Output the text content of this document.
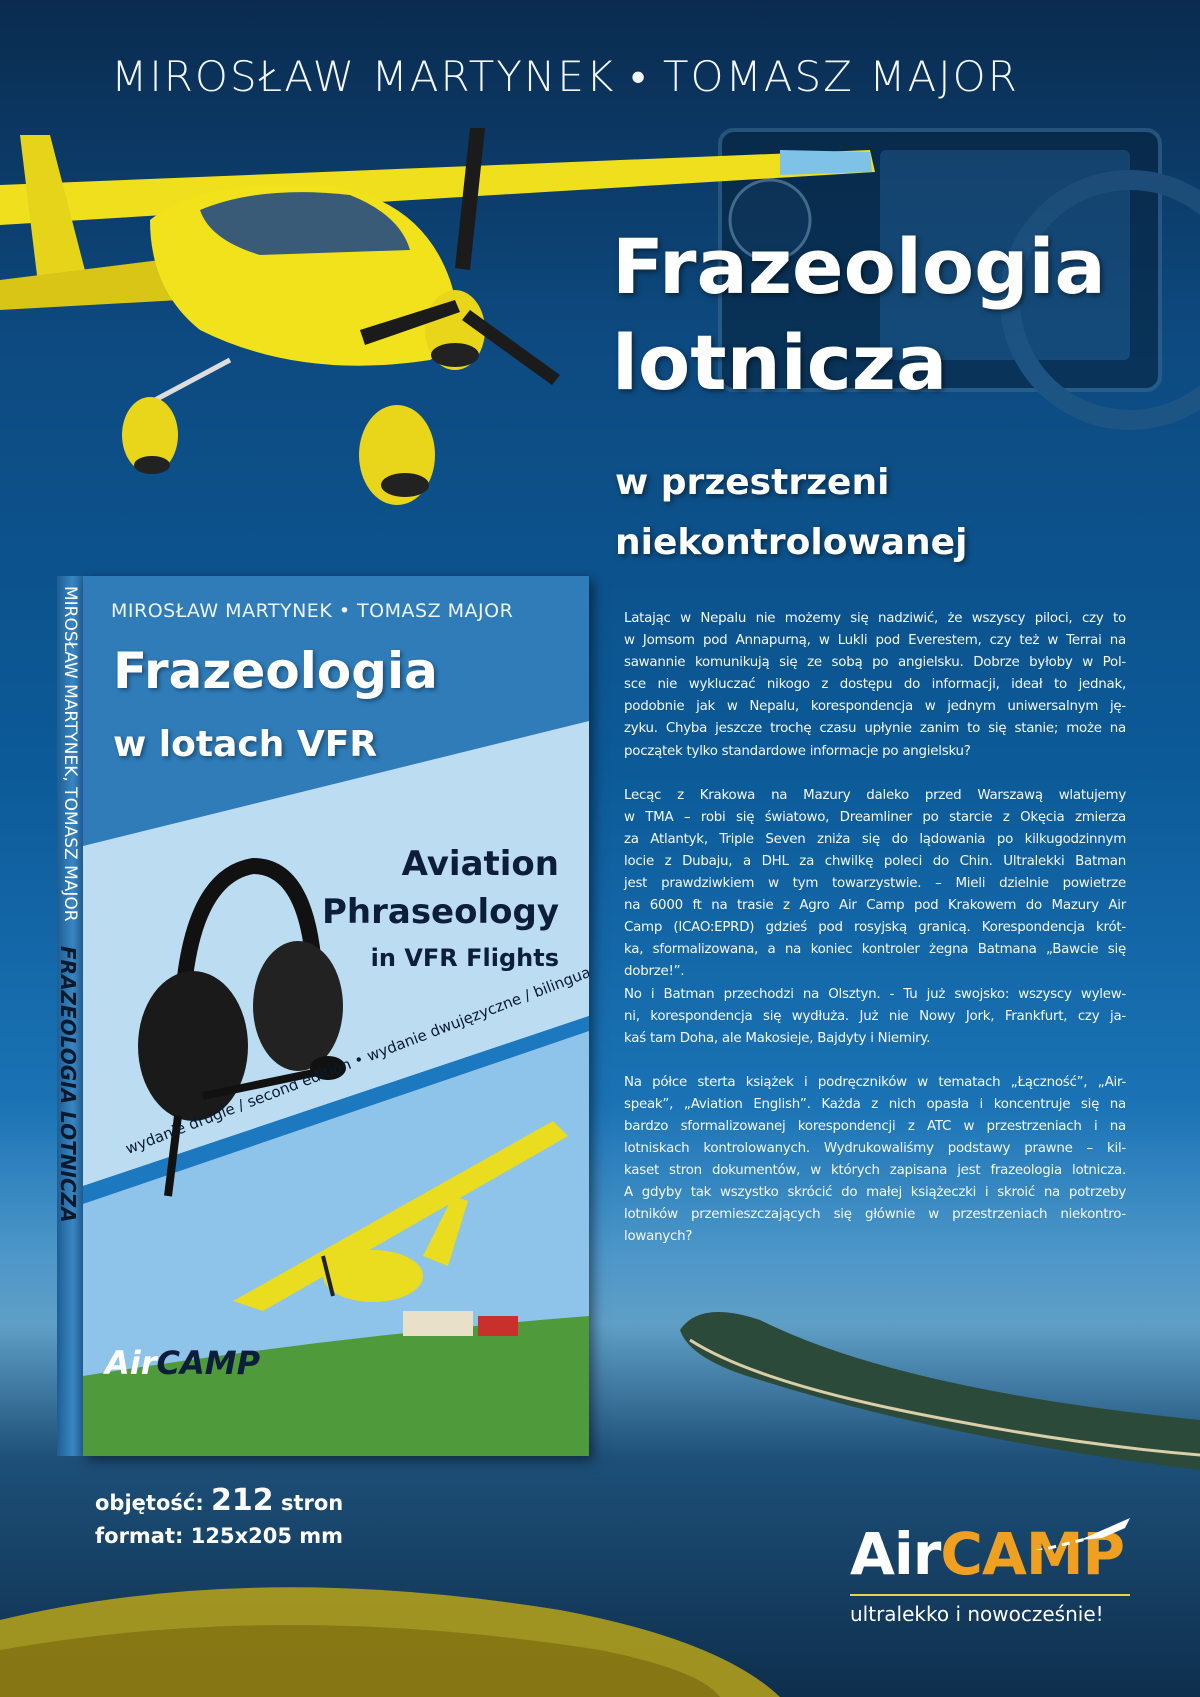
MIROSŁAW MARTYNEK • TOMASZ MAJOR
Frazeologia
lotnicza
w przestrzeni
niekontrolowanej
MIROSŁAW MARTYNEK, TOMASZ MAJOR
FRAZEOLOGIA LOTNICZA
MIROSŁAW MARTYNEK • TOMASZ MAJOR
Frazeologia
w lotach VFR
Aviation
Phraseology
in VFR Flights
AirCAMP
objętość: 212 stron
format: 125x205 mm
Latając w Nepalu nie możemy się nadziwić, że wszyscy piloci, czy to
w Jomsom pod Annapurną, w Lukli pod Everestem, czy też w Terrai na
sawannie komunikują się ze sobą po angielsku. Dobrze byłoby w Pol-
sce nie wykluczać nikogo z dostępu do informacji, ideał to jednak,
podobnie jak w Nepalu, korespondencja w jednym uniwersalnym ję-
zyku. Chyba jeszcze trochę czasu upłynie zanim to się stanie; może na
początek tylko standardowe informacje po angielsku?
Lecąc z Krakowa na Mazury daleko przed Warszawą wlatujemy
w TMA – robi się światowo, Dreamliner po starcie z Okęcia zmierza
za Atlantyk, Triple Seven zniża się do lądowania po kilkugodzinnym
locie z Dubaju, a DHL za chwilkę poleci do Chin. Ultralekki Batman
jest prawdziwkiem w tym towarzystwie. – Mieli dzielnie powietrze
na 6000 ft na trasie z Agro Air Camp pod Krakowem do Mazury Air
Camp (ICAO:EPRD) gdzieś pod rosyjską granicą. Korespondencja krót-
ka, sformalizowana, a na koniec kontroler żegna Batmana „Bawcie się
dobrze!”.
No i Batman przechodzi na Olsztyn. - Tu już swojsko: wszyscy wylew-
ni, korespondencja się wydłuża. Już nie Nowy Jork, Frankfurt, czy ja-
kaś tam Doha, ale Makosieje, Bajdyty i Niemiry.
Na półce sterta książek i podręczników w tematach „Łączność”, „Air-
speak”, „Aviation English”. Każda z nich opasła i koncentruje się na
bardzo sformalizowanej korespondencji z ATC w przestrzeniach i na
lotniskach kontrolowanych. Wydrukowaliśmy podstawy prawne – kil-
kaset stron dokumentów, w których zapisana jest frazeologia lotnicza.
A gdyby tak wszystko skrócić do małej książeczki i skroić na potrzeby
lotników przemieszczających się głównie w przestrzeniach niekontro-
lowanych?
AirCAMP
ultralekko i nowocześnie!
